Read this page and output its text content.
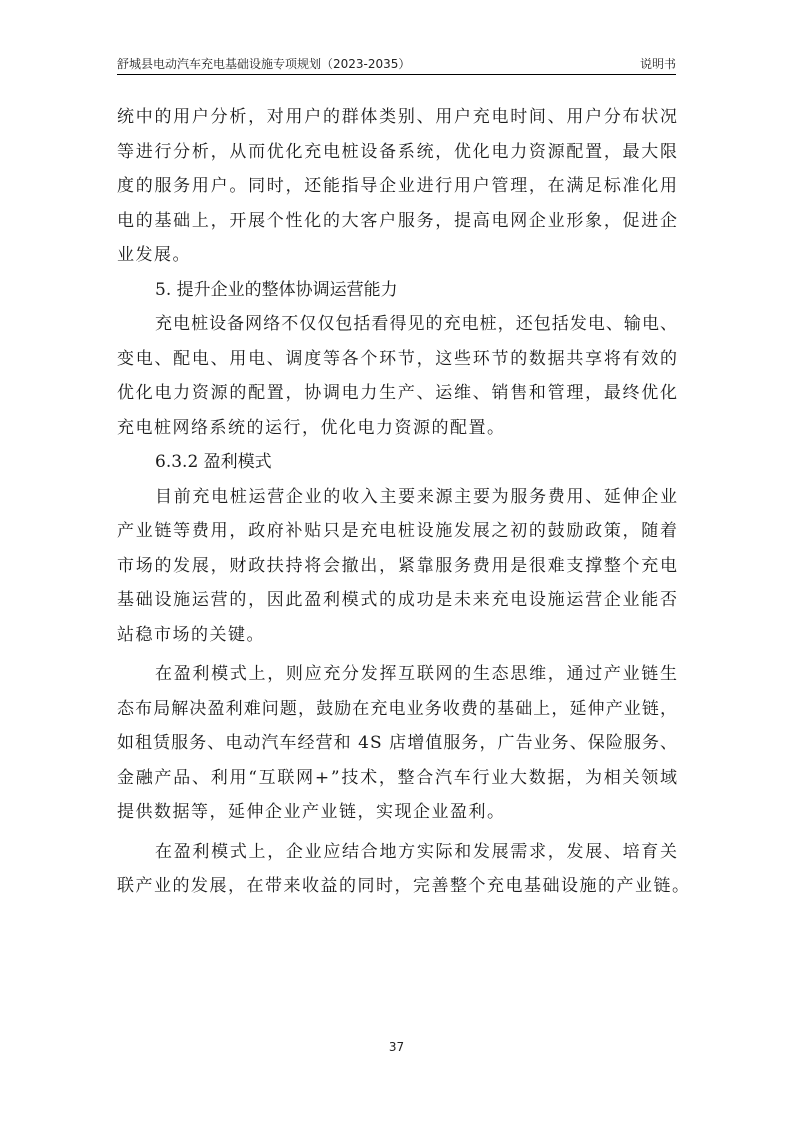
舒城县电动汽车充电基础设施专项规划（2023-2035）	说明书
统中的用户分析，对用户的群体类别、用户充电时间、用户分布状况
等进行分析，从而优化充电桩设备系统，优化电力资源配置，最大限
度的服务用户。同时，还能指导企业进行用户管理，在满足标准化用
电的基础上，开展个性化的大客户服务，提高电网企业形象，促进企
业发展。
5. 提升企业的整体协调运营能力
充电桩设备网络不仅仅包括看得见的充电桩，还包括发电、输电、
变电、配电、用电、调度等各个环节，这些环节的数据共享将有效的
优化电力资源的配置，协调电力生产、运维、销售和管理，最终优化
充电桩网络系统的运行，优化电力资源的配置。
6.3.2 盈利模式
目前充电桩运营企业的收入主要来源主要为服务费用、延伸企业
产业链等费用，政府补贴只是充电桩设施发展之初的鼓励政策，随着
市场的发展，财政扶持将会撤出，紧靠服务费用是很难支撑整个充电
基础设施运营的，因此盈利模式的成功是未来充电设施运营企业能否
站稳市场的关键。
在盈利模式上，则应充分发挥互联网的生态思维，通过产业链生
态布局解决盈利难问题，鼓励在充电业务收费的基础上，延伸产业链，
如租赁服务、电动汽车经营和 4S 店增值服务，广告业务、保险服务、
金融产品、利用“互联网+”技术，整合汽车行业大数据，为相关领域
提供数据等，延伸企业产业链，实现企业盈利。
在盈利模式上，企业应结合地方实际和发展需求，发展、培育关
联产业的发展，在带来收益的同时，完善整个充电基础设施的产业链。
37
